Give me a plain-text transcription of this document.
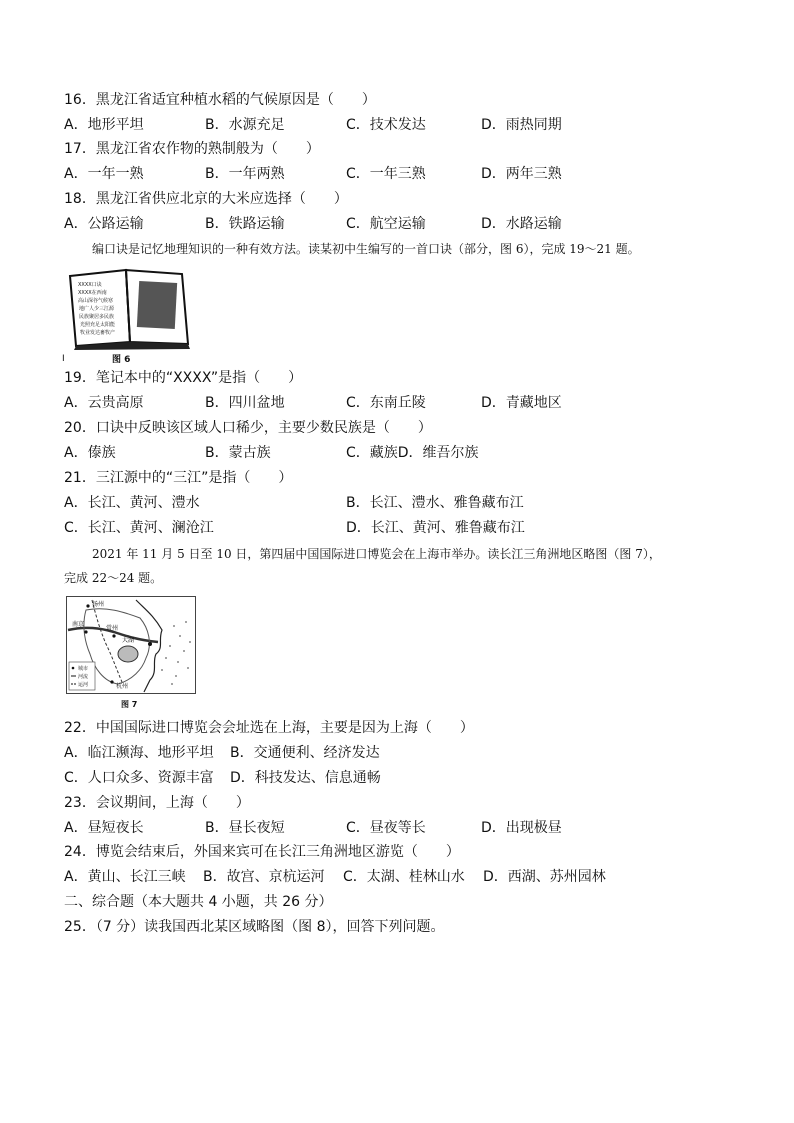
16．黑龙江省适宜种植水稻的气候原因是（　　）
A．地形平坦	B．水源充足	C．技术发达	D．雨热同期
17．黑龙江省农作物的熟制般为（　　）
A．一年一熟	B．一年两熟	C．一年三熟	D．两年三熟
18．黑龙江省供应北京的大米应选择（　　）
A．公路运输	B．铁路运输	C．航空运输	D．水路运输
编口诀是记忆地理知识的一种有效方法。读某初中生编写的一首口诀（部分，图 6），完成 19～21 题。
XXXX口诀
XXXX在西南
高山深谷气候寒
地广人少三江源
民族聚居多民族
光照充足太阳能
牧业发达畜牧产
Ⅰ	图 6
19．笔记本中的“XXXX”是指（　　）
A．云贵高原	B．四川盆地	C．东南丘陵	D．青藏地区
20．口诀中反映该区域人口稀少，主要少数民族是（　　）
A．傣族	B．蒙古族	C．藏族D．维吾尔族
21．三江源中的“三江”是指（　　）
A．长江、黄河、澧水	B．长江、澧水、雅鲁藏布江
C．长江、黄河、澜沧江	D．长江、黄河、雅鲁藏布江
2021 年 11 月 5 日至 10 日，第四届中国国际进口博览会在上海市举办。读长江三角洲地区略图（图 7），
完成 22～24 题。
扬州
南京
常州
大湖
杭州
城市
河流
运河
图 7
22．中国国际进口博览会会址选在上海，主要是因为上海（　　）
A．临江濒海、地形平坦 B．交通便利、经济发达
C．人口众多、资源丰富 D．科技发达、信息通畅
23．会议期间，上海（　　）
A．昼短夜长	B．昼长夜短	C．昼夜等长	D．出现极昼
24．博览会结束后，外国来宾可在长江三角洲地区游览（　　）
A．黄山、长江三峡 B．故宫、京杭运河 C．太湖、桂林山水 D．西湖、苏州园林
二、综合题（本大题共 4 小题，共 26 分）
25．（7 分）读我国西北某区域略图（图 8），回答下列问题。
